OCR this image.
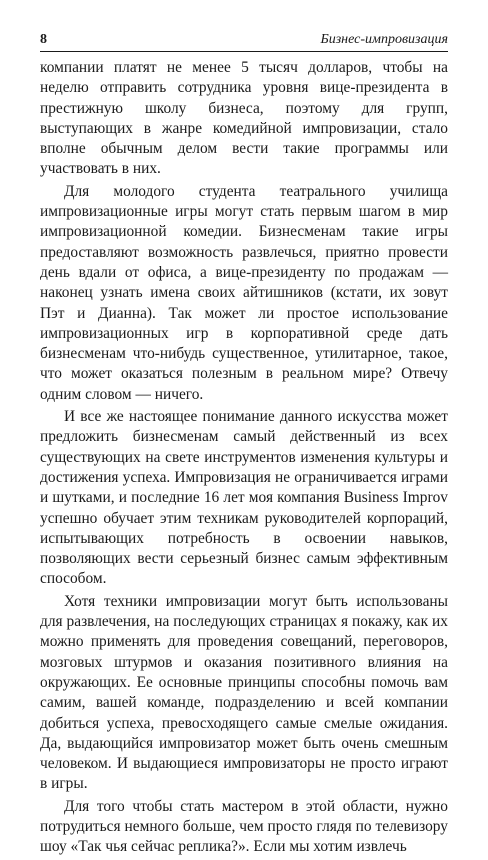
8	Бизнес-импровизация

компании платят не менее 5 тысяч долларов, чтобы на неделю отправить сотрудника уровня вице-президента в престижную школу бизнеса, поэтому для групп, выступающих в жанре комедийной импровизации, стало вполне обычным делом вести такие программы или участвовать в них.

Для молодого студента театрального училища импровизационные игры могут стать первым шагом в мир импровизационной комедии. Бизнесменам такие игры предоставляют возможность развлечься, приятно провести день вдали от офиса, а вице-президенту по продажам — наконец узнать имена своих айтишников (кстати, их зовут Пэт и Дианна). Так может ли простое использование импровизационных игр в корпоративной среде дать бизнесменам что-нибудь существенное, утилитарное, такое, что может оказаться полезным в реальном мире? Отвечу одним словом — ничего.

И все же настоящее понимание данного искусства может предложить бизнесменам самый действенный из всех существующих на свете инструментов изменения культуры и достижения успеха. Импровизация не ограничивается играми и шутками, и последние 16 лет моя компания Business Improv успешно обучает этим техникам руководителей корпораций, испытывающих потребность в освоении навыков, позволяющих вести серьезный бизнес самым эффективным способом.

Хотя техники импровизации могут быть использованы для развлечения, на последующих страницах я покажу, как их можно применять для проведения совещаний, переговоров, мозговых штурмов и оказания позитивного влияния на окружающих. Ее основные принципы способны помочь вам самим, вашей команде, подразделению и всей компании добиться успеха, превосходящего самые смелые ожидания. Да, выдающийся импровизатор может быть очень смешным человеком. И выдающиеся импровизаторы не просто играют в игры.

Для того чтобы стать мастером в этой области, нужно потрудиться немного больше, чем просто глядя по телевизору шоу «Так чья сейчас реплика?». Если мы хотим извлечь
